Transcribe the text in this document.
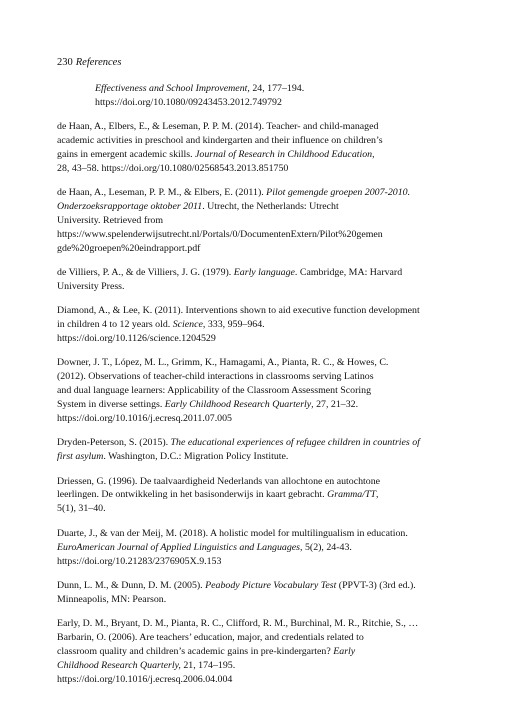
230 References
Effectiveness and School Improvement, 24, 177–194.
https://doi.org/10.1080/09243453.2012.749792
de Haan, A., Elbers, E., & Leseman, P. P. M. (2014). Teacher- and child-managed
academic activities in preschool and kindergarten and their influence on children’s
gains in emergent academic skills. Journal of Research in Childhood Education,
28, 43–58. https://doi.org/10.1080/02568543.2013.851750
de Haan, A., Leseman, P. P. M., & Elbers, E. (2011). Pilot gemengde groepen 2007-2010.
Onderzoeksrapportage oktober 2011. Utrecht, the Netherlands: Utrecht
University. Retrieved from
https://www.spelenderwijsutrecht.nl/Portals/0/DocumentenExtern/Pilot%20gemen
gde%20groepen%20eindrapport.pdf
de Villiers, P. A., & de Villiers, J. G. (1979). Early language. Cambridge, MA: Harvard
University Press.
Diamond, A., & Lee, K. (2011). Interventions shown to aid executive function development
in children 4 to 12 years old. Science, 333, 959–964.
https://doi.org/10.1126/science.1204529
Downer, J. T., López, M. L., Grimm, K., Hamagami, A., Pianta, R. C., & Howes, C.
(2012). Observations of teacher-child interactions in classrooms serving Latinos
and dual language learners: Applicability of the Classroom Assessment Scoring
System in diverse settings. Early Childhood Research Quarterly, 27, 21–32.
https://doi.org/10.1016/j.ecresq.2011.07.005
Dryden-Peterson, S. (2015). The educational experiences of refugee children in countries of
first asylum. Washington, D.C.: Migration Policy Institute.
Driessen, G. (1996). De taalvaardigheid Nederlands van allochtone en autochtone
leerlingen. De ontwikkeling in het basisonderwijs in kaart gebracht. Gramma/TT,
5(1), 31–40.
Duarte, J., & van der Meij, M. (2018). A holistic model for multilingualism in education.
EuroAmerican Journal of Applied Linguistics and Languages, 5(2), 24-43.
https://doi.org/10.21283/2376905X.9.153
Dunn, L. M., & Dunn, D. M. (2005). Peabody Picture Vocabulary Test (PPVT-3) (3rd ed.).
Minneapolis, MN: Pearson.
Early, D. M., Bryant, D. M., Pianta, R. C., Clifford, R. M., Burchinal, M. R., Ritchie, S., …
Barbarin, O. (2006). Are teachers’ education, major, and credentials related to
classroom quality and children’s academic gains in pre-kindergarten? Early
Childhood Research Quarterly, 21, 174–195.
https://doi.org/10.1016/j.ecresq.2006.04.004
